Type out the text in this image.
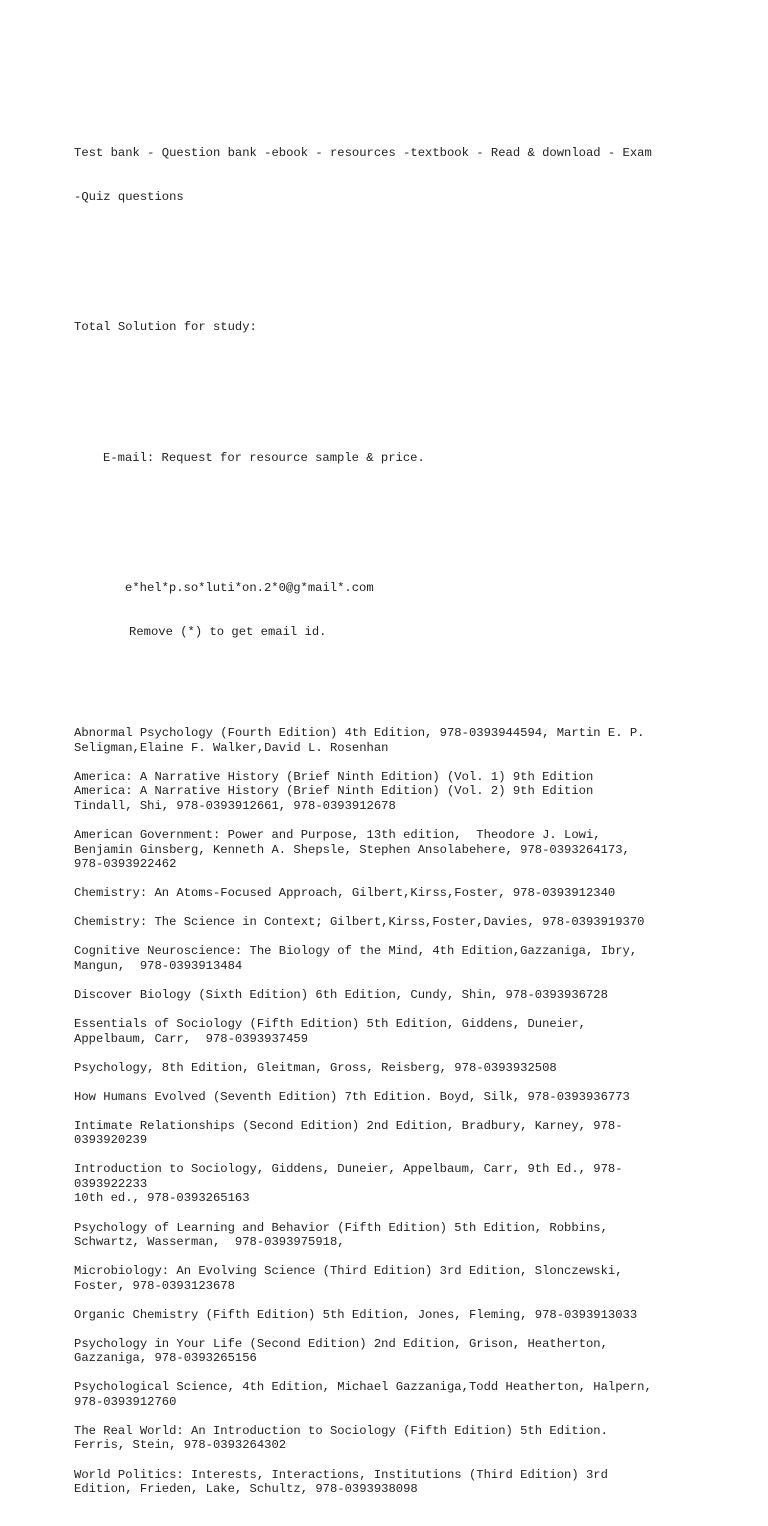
Test bank - Question bank -ebook - resources -textbook - Read & download - Exam

-Quiz questions

Total Solution for study:

E-mail: Request for resource sample & price.

e*hel*p.so*luti*on.2*0@g*mail*.com

Remove (*) to get email id.

Abnormal Psychology (Fourth Edition) 4th Edition, 978-0393944594, Martin E. P.
Seligman,Elaine F. Walker,David L. Rosenhan
America: A Narrative History (Brief Ninth Edition) (Vol. 1) 9th Edition
America: A Narrative History (Brief Ninth Edition) (Vol. 2) 9th Edition
Tindall, Shi, 978-0393912661, 978-0393912678
American Government: Power and Purpose, 13th edition,  Theodore J. Lowi,
Benjamin Ginsberg, Kenneth A. Shepsle, Stephen Ansolabehere, 978-0393264173,
978-0393922462
Chemistry: An Atoms-Focused Approach, Gilbert,Kirss,Foster, 978-0393912340
Chemistry: The Science in Context; Gilbert,Kirss,Foster,Davies, 978-0393919370
Cognitive Neuroscience: The Biology of the Mind, 4th Edition,Gazzaniga, Ibry,
Mangun,  978-0393913484
Discover Biology (Sixth Edition) 6th Edition, Cundy, Shin, 978-0393936728
Essentials of Sociology (Fifth Edition) 5th Edition, Giddens, Duneier,
Appelbaum, Carr,  978-0393937459
Psychology, 8th Edition, Gleitman, Gross, Reisberg, 978-0393932508
How Humans Evolved (Seventh Edition) 7th Edition. Boyd, Silk, 978-0393936773
Intimate Relationships (Second Edition) 2nd Edition, Bradbury, Karney, 978-
0393920239
Introduction to Sociology, Giddens, Duneier, Appelbaum, Carr, 9th Ed., 978-
0393922233
10th ed., 978-0393265163
Psychology of Learning and Behavior (Fifth Edition) 5th Edition, Robbins,
Schwartz, Wasserman,  978-0393975918,
Microbiology: An Evolving Science (Third Edition) 3rd Edition, Slonczewski,
Foster, 978-0393123678
Organic Chemistry (Fifth Edition) 5th Edition, Jones, Fleming, 978-0393913033
Psychology in Your Life (Second Edition) 2nd Edition, Grison, Heatherton,
Gazzaniga, 978-0393265156
Psychological Science, 4th Edition, Michael Gazzaniga,Todd Heatherton, Halpern,
978-0393912760
The Real World: An Introduction to Sociology (Fifth Edition) 5th Edition.
Ferris, Stein, 978-0393264302
World Politics: Interests, Interactions, Institutions (Third Edition) 3rd
Edition, Frieden, Lake, Schultz, 978-0393938098
